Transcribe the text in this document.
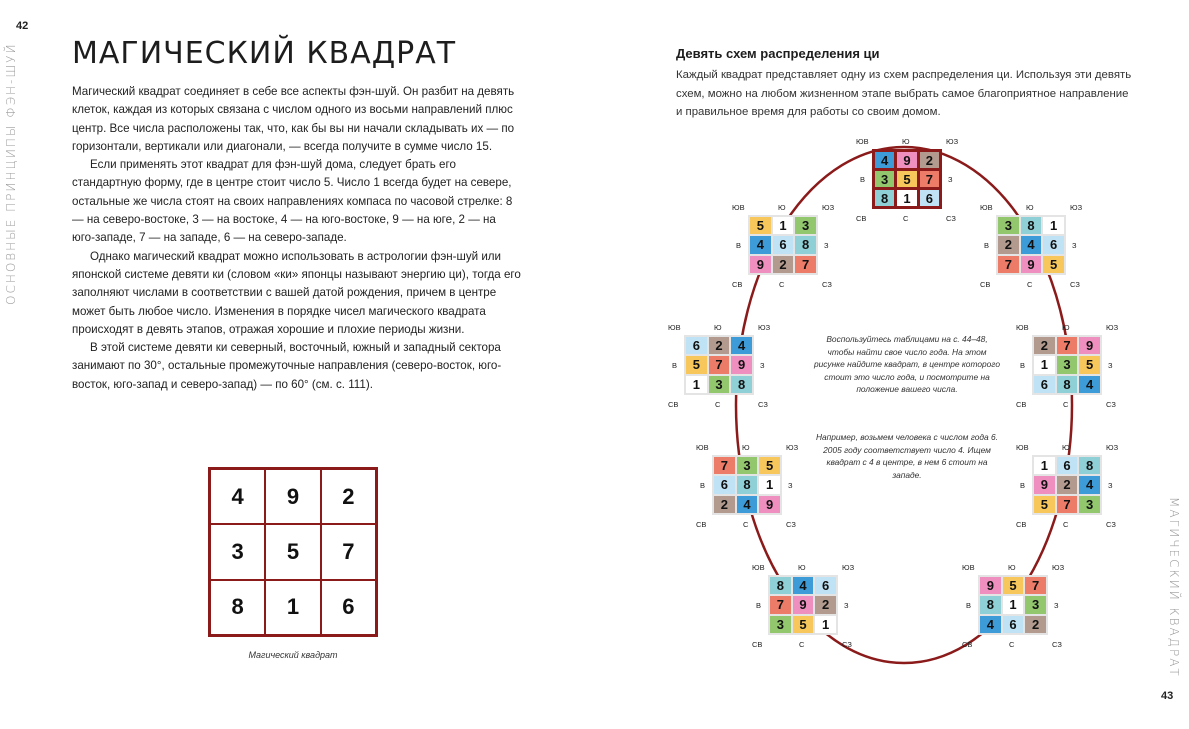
42
ОСНОВНЫЕ ПРИНЦИПЫ ФЭН-ШУЙ МАГИЧЕСКИЙ КВАДРАТ

Магический квадрат соединяет в себе все аспекты фэн-шуй. Он разбит на девять клеток, каждая из которых связана с числом одного из восьми направлений плюс центр. Все числа расположены так, что, как бы вы ни начали складывать их — по горизонтали, вертикали или диагонали, — всегда получите в сумме число 15.

Если применять этот квадрат для фэн-шуй дома, следует брать его стандартную форму, где в центре стоит число 5. Число 1 всегда будет на севере, остальные же числа стоят на своих направлениях компаса по часовой стрелке: 8 — на северо-востоке, 3 — на востоке, 4 — на юго-востоке, 9 — на юге, 2 — на юго-западе, 7 — на западе, 6 — на северо-западе.

Однако магический квадрат можно использовать в астрологии фэн-шуй или японской системе девяти ки (словом «ки» японцы называют энергию ци), тогда его заполняют числами в соответствии с вашей датой рождения, причем в центре может быть любое число. Изменения в порядке чисел магического квадрата происходят в девять этапов, отражая хорошие и плохие периоды жизни.

В этой системе девяти ки северный, восточный, южный и западный сектора занимают по 30°, остальные промежуточные направления (северо-восток, юго-восток, юго-запад и северо-запад) — по 60° (см. с. 111).

4	9	2
3	5	7
8	1	6
Магический квадрат
Девять схем распределения ци

Каждый квадрат представляет одну из схем распределения ци. Используя эти девять схем, можно на любом жизненном этапе выбрать самое благоприятное направление и правильное время для работы со своим домом.

ЮВ	Ю	ЮЗ
В	З
СВ	С	СЗ
4	9	2
3	5	7
8	1	6
ЮВ	Ю	ЮЗ
В	З
СВ	С	СЗ
3	8	1
2	4	6
7	9	5
ЮВ	Ю	ЮЗ
В	З
СВ	С	СЗ
2	7	9
1	3	5
6	8	4
ЮВ	Ю	ЮЗ
В	З
СВ	С	СЗ
1	6	8
9	2	4
5	7	3
ЮВ	Ю	ЮЗ
В	З
СВ	С	СЗ
9	5	7
8	1	3
4	6	2
ЮВ	Ю	ЮЗ
В	З
СВ	С	СЗ
8	4	6
7	9	2
3	5	1
ЮВ	Ю	ЮЗ
В	З
СВ	С	СЗ
7	3	5
6	8	1
2	4	9
ЮВ	Ю	ЮЗ
В	З
СВ	С	СЗ
6	2	4
5	7	9
1	3	8
ЮВ	Ю	ЮЗ
В	З
СВ	С	СЗ
5	1	3
4	6	8
9	2	7

Воспользуйтесь таблицами на с. 44–48, чтобы найти свое число года. На этом рисунке найдите квадрат, в центре которого стоит это число года, и посмотрите на положение вашего числа.

Например, возьмем человека с числом года 6. 2005 году соответствует число 4. Ищем квадрат с 4 в центре, в нем 6 стоит на западе.

МАГИЧЕСКИЙ КВАДРАТ
43
